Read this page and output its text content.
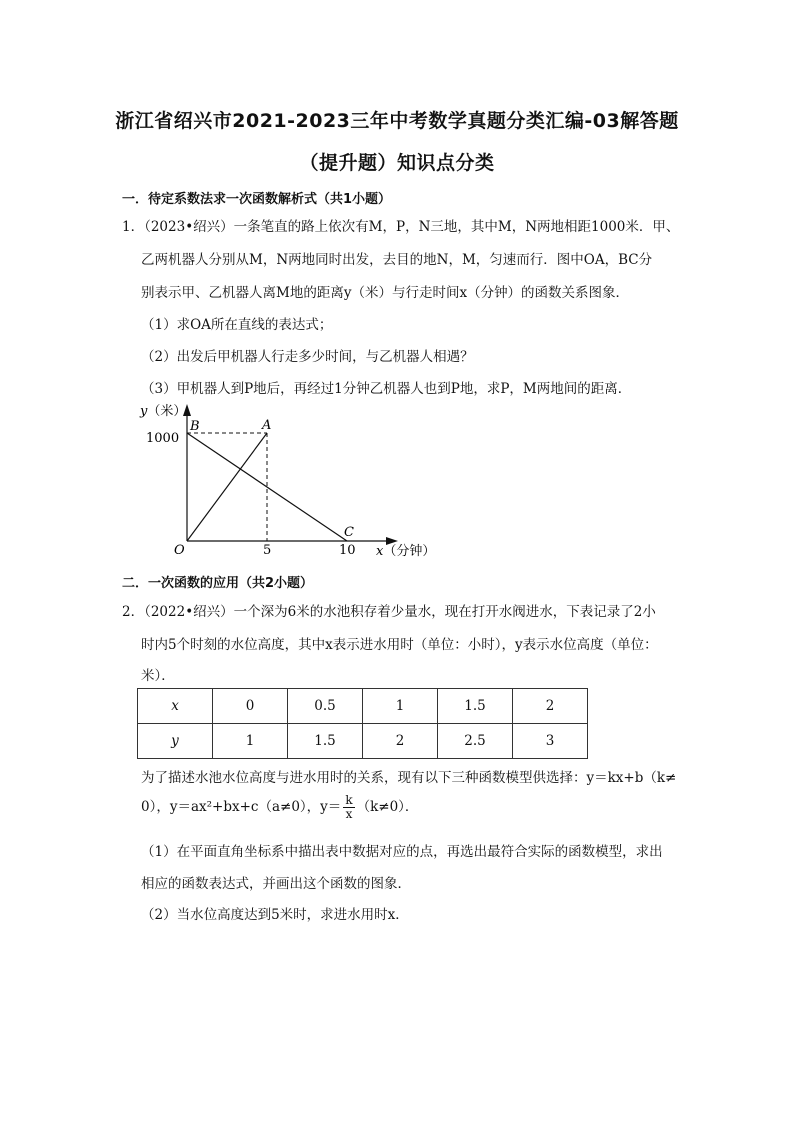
浙江省绍兴市2021-2023三年中考数学真题分类汇编-03解答题
（提升题）知识点分类
一．待定系数法求一次函数解析式（共1小题）
1．（2023•绍兴）一条笔直的路上依次有M，P，N三地，其中M，N两地相距1000米．甲、
乙两机器人分别从M，N两地同时出发，去目的地N，M，匀速而行．图中OA，BC分
别表示甲、乙机器人离M地的距离y（米）与行走时间x（分钟）的函数关系图象．
（1）求OA所在直线的表达式；
（2）出发后甲机器人行走多少时间，与乙机器人相遇？
（3）甲机器人到P地后，再经过1分钟乙机器人也到P地，求P，M两地间的距离．
y（米）
1000
O	5	10 x（分钟）
B	A
C
二．一次函数的应用（共2小题）
2．（2022•绍兴）一个深为6米的水池积存着少量水，现在打开水阀进水，下表记录了2小
时内5个时刻的水位高度，其中x表示进水用时（单位：小时），y表示水位高度（单位：
米）．
x	0	0.5	1	1.5	2
y	1	1.5	2	2.5	3
为了描述水池水位高度与进水用时的关系，现有以下三种函数模型供选择：y＝kx+b（k≠
0），y＝ax²+bx+c（a≠0），$y= \frac{k}{x} (k\ne 0)$．
（1）在平面直角坐标系中描出表中数据对应的点，再选出最符合实际的函数模型，求出
相应的函数表达式，并画出这个函数的图象．
（2）当水位高度达到5米时，求进水用时x．
